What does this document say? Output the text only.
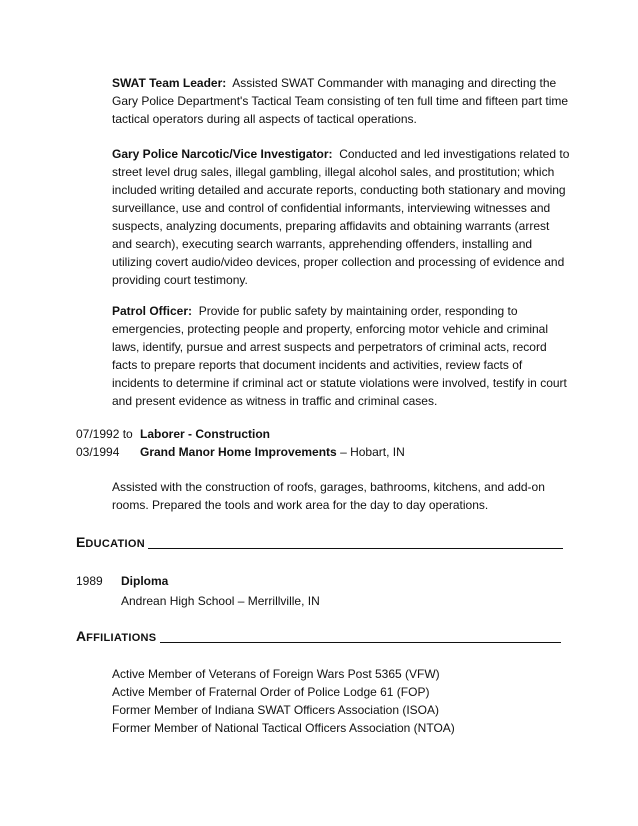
SWAT Team Leader: Assisted SWAT Commander with managing and directing the Gary Police Department's Tactical Team consisting of ten full time and fifteen part time tactical operators during all aspects of tactical operations.

Gary Police Narcotic/Vice Investigator: Conducted and led investigations related to street level drug sales, illegal gambling, illegal alcohol sales, and prostitution; which included writing detailed and accurate reports, conducting both stationary and moving surveillance, use and control of confidential informants, interviewing witnesses and suspects, analyzing documents, preparing affidavits and obtaining warrants (arrest and search), executing search warrants, apprehending offenders, installing and utilizing covert audio/video devices, proper collection and processing of evidence and providing court testimony.

Patrol Officer: Provide for public safety by maintaining order, responding to emergencies, protecting people and property, enforcing motor vehicle and criminal laws, identify, pursue and arrest suspects and perpetrators of criminal acts, record facts to prepare reports that document incidents and activities, review facts of incidents to determine if criminal act or statute violations were involved, testify in court and present evidence as witness in traffic and criminal cases.

07/1992 to Laborer - Construction
03/1994 Grand Manor Home Improvements – Hobart, IN

Assisted with the construction of roofs, garages, bathrooms, kitchens, and add-on rooms. Prepared the tools and work area for the day to day operations.

EDUCATION
1989 Diploma
Andrean High School – Merrillville, IN
AFFILIATIONS
Active Member of Veterans of Foreign Wars Post 5365 (VFW)
Active Member of Fraternal Order of Police Lodge 61 (FOP)
Former Member of Indiana SWAT Officers Association (ISOA)
Former Member of National Tactical Officers Association (NTOA)
